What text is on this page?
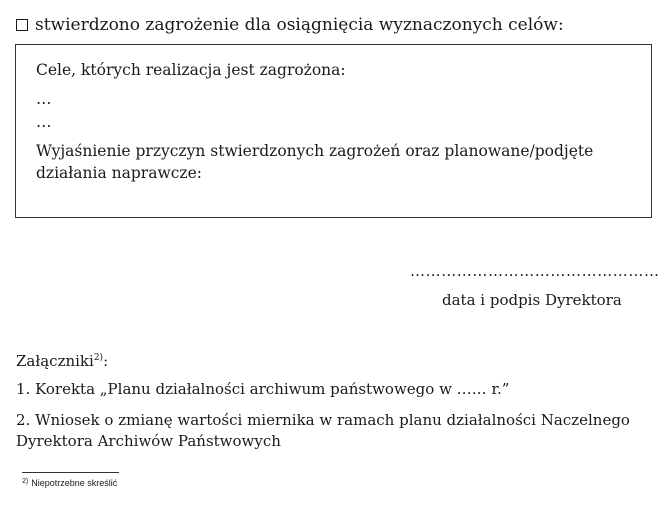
stwierdzono zagrożenie dla osiągnięcia wyznaczonych celów:
Cele, których realizacja jest zagrożona:
…
…
Wyjaśnienie przyczyn stwierdzonych zagrożeń oraz planowane/podjęte działania naprawcze:
…………………………………………
data i podpis Dyrektora
Załączniki$^{2)}$:
1. Korekta „Planu działalności archiwum państwowego w …… r.”
2. Wniosek o zmianę wartości miernika w ramach planu działalności Naczelnego Dyrektora Archiwów Państwowych
$^{2)}$ Niepotrzebne skreślić
